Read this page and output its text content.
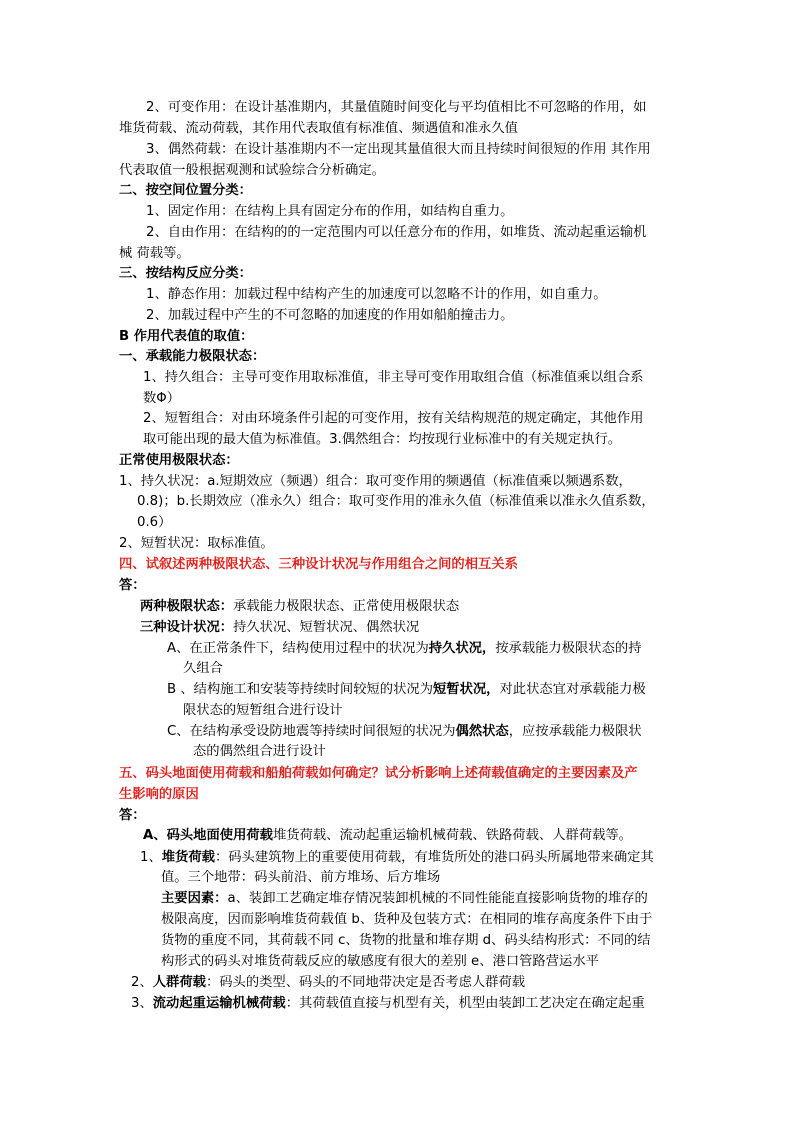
2、可变作用：在设计基准期内，其量值随时间变化与平均值相比不可忽略的作用，如
堆货荷载、流动荷载，其作用代表取值有标准值、频遇值和准永久值
3、偶然荷载：在设计基准期内不一定出现其量值很大而且持续时间很短的作用 其作用
代表取值一般根据观测和试验综合分析确定。
二、按空间位置分类：
1、固定作用：在结构上具有固定分布的作用，如结构自重力。
2、自由作用：在结构的的一定范围内可以任意分布的作用，如堆货、流动起重运输机
械 荷载等。
三、按结构反应分类：
1、静态作用：加载过程中结构产生的加速度可以忽略不计的作用，如自重力。
2、加载过程中产生的不可忽略的加速度的作用如船舶撞击力。
B 作用代表值的取值：
一、承载能力极限状态：
1、持久组合：主导可变作用取标准值，非主导可变作用取组合值（标准值乘以组合系
数Φ）
2、短暂组合：对由环境条件引起的可变作用，按有关结构规范的规定确定，其他作用
取可能出现的最大值为标准值。3.偶然组合：均按现行业标准中的有关规定执行。
正常使用极限状态：
1、持久状况：a.短期效应（频遇）组合：取可变作用的频遇值（标准值乘以频遇系数，
0.8)；b.长期效应（准永久）组合：取可变作用的准永久值（标准值乘以准永久值系数，
0.6）
2、短暂状况：取标准值。
四、试叙述两种极限状态、三种设计状况与作用组合之间的相互关系
答：
两种极限状态：承载能力极限状态、正常使用极限状态
三种设计状况：持久状况、短暂状况、偶然状况
A、在正常条件下，结构使用过程中的状况为持久状况，按承载能力极限状态的持
久组合
B 、结构施工和安装等持续时间较短的状况为短暂状况，对此状态宜对承载能力极
限状态的短暂组合进行设计
C、在结构承受设防地震等持续时间很短的状况为偶然状态，应按承载能力极限状
态的偶然组合进行设计
五、码头地面使用荷载和船舶荷载如何确定？试分析影响上述荷载值确定的主要因素及产
生影响的原因
答：
A、码头地面使用荷载堆货荷载、流动起重运输机械荷载、铁路荷载、人群荷载等。
1、堆货荷载：码头建筑物上的重要使用荷载，有堆货所处的港口码头所属地带来确定其
值。三个地带：码头前沿、前方堆场、后方堆场
主要因素：a、装卸工艺确定堆存情况装卸机械的不同性能能直接影响货物的堆存的
极限高度，因而影响堆货荷载值 b、货种及包装方式：在相同的堆存高度条件下由于
货物的重度不同，其荷载不同 c、货物的批量和堆存期 d、码头结构形式：不同的结
构形式的码头对堆货荷载反应的敏感度有很大的差别 e、港口管路营运水平
2、人群荷载：码头的类型、码头的不同地带决定是否考虑人群荷载
3、流动起重运输机械荷载：其荷载值直接与机型有关，机型由装卸工艺决定在确定起重
